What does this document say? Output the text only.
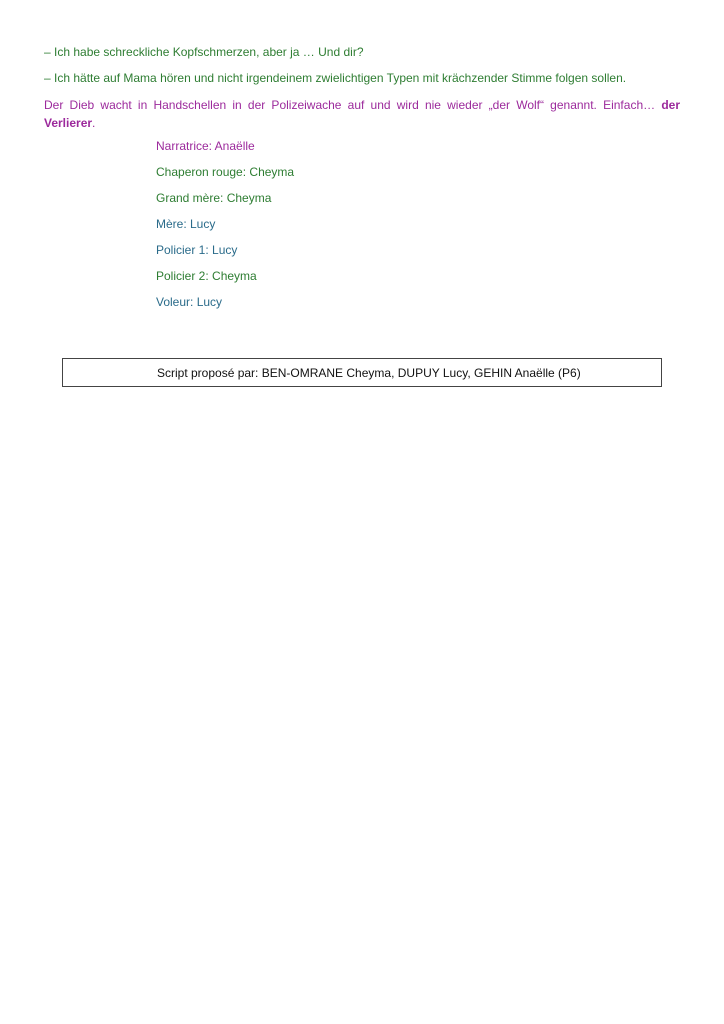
– Ich habe schreckliche Kopfschmerzen, aber ja … Und dir?
– Ich hätte auf Mama hören und nicht irgendeinem zwielichtigen Typen mit krächzender Stimme folgen sollen.
Der Dieb wacht in Handschellen in der Polizeiwache auf und wird nie wieder „der Wolf“ genannt. Einfach… der Verlierer.
Narratrice: Anaëlle
Chaperon rouge: Cheyma
Grand mère: Cheyma
Mère: Lucy
Policier 1: Lucy
Policier 2: Cheyma
Voleur: Lucy
Script proposé par: BEN-OMRANE Cheyma, DUPUY Lucy, GEHIN Anaëlle (P6)
